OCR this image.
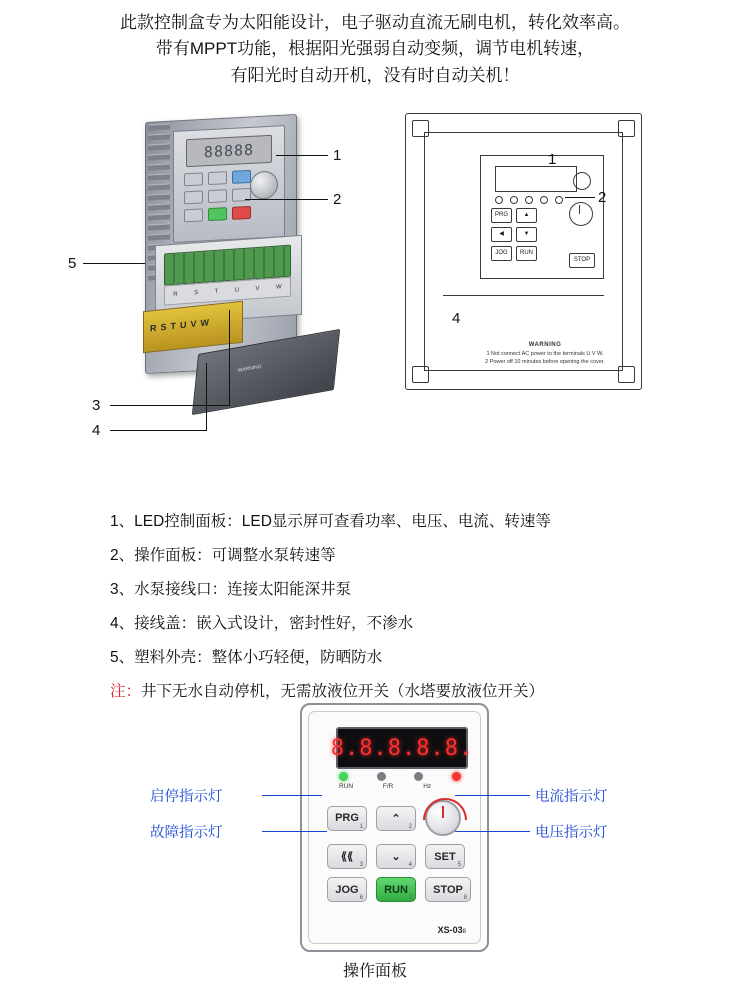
此款控制盒专为太阳能设计，电子驱动直流无刷电机，转化效率高。
带有MPPT功能，根据阳光强弱自动变频，调节电机转速，
有阳光时自动开机，没有时自动关机！
88888
R	S	T	U	V	W
RSTUVW
WARNING
1
2
5
3
4
PRG	▲
◀	▼
JOG	RUN
STOP
WARNING
1 Not connect AC power to the terminals U V W.
2 Power off 10 minutes before opening the cover.
1
2
4
1、LED控制面板：LED显示屏可查看功率、电压、电流、转速等
2、操作面板：可调整水泵转速等
3、水泵接线口：连接太阳能深井泵
4、接线盖：嵌入式设计，密封性好，不渗水
5、塑料外壳：整体小巧轻便，防晒防水
注：井下无水自动停机，无需放液位开关（水塔要放液位开关）
8.8.8.8.8.
RUN	F/R	Hz
PRG
1
⌃
2
⟪⟪
3
⌄
4
SET
5
JOG
6
RUN
7
STOP
8
XS-038
启停指示灯
故障指示灯
电流指示灯
电压指示灯
操作面板
